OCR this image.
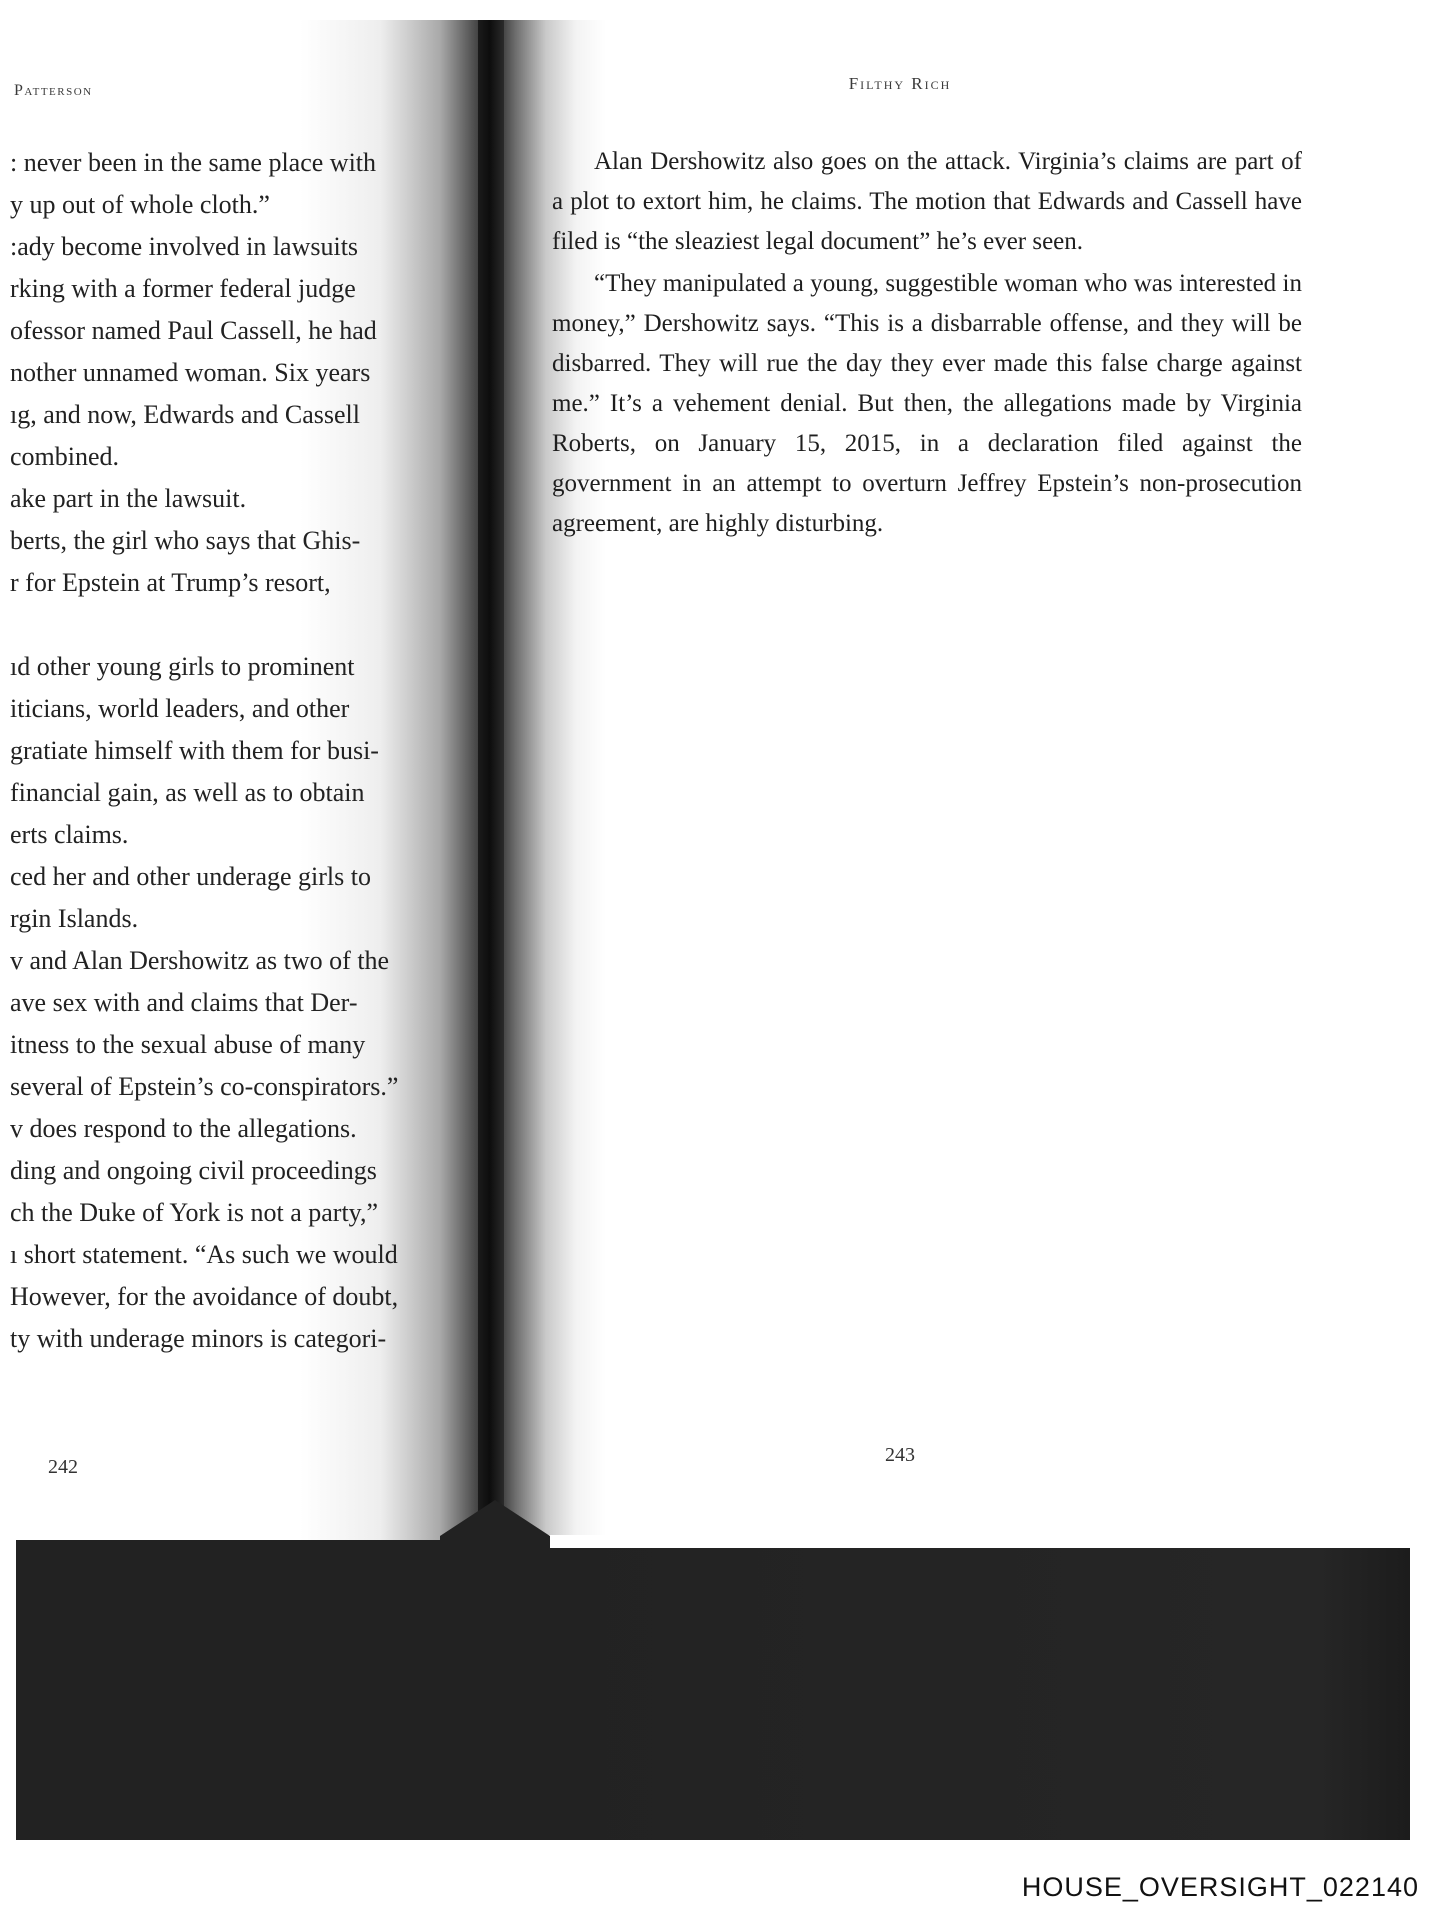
Patterson
: never been in the same place with
y up out of whole cloth.”
:ady become involved in lawsuits
rking with a former federal judge
ofessor named Paul Cassell, he had
nother unnamed woman. Six years
ıg, and now, Edwards and Cassell
combined.
ake part in the lawsuit.
berts, the girl who says that Ghis-
r for Epstein at Trump’s resort,
ıd other young girls to prominent
iticians, world leaders, and other
gratiate himself with them for busi-
financial gain, as well as to obtain
erts claims.
ced her and other underage girls to
rgin Islands.
v and Alan Dershowitz as two of the
ave sex with and claims that Der-
itness to the sexual abuse of many
several of Epstein’s co-conspirators.”
v does respond to the allegations.
ding and ongoing civil proceedings
ch the Duke of York is not a party,”
ı short statement. “As such we would
However, for the avoidance of doubt,
ty with underage minors is categori-
242
Filthy Rich

Alan Dershowitz also goes on the attack. Virginia’s claims are part of a plot to extort him, he claims. The motion that Edwards and Cassell have filed is “the sleaziest legal document” he’s ever seen.

“They manipulated a young, suggestible woman who was interested in money,” Dershowitz says. “This is a disbarrable offense, and they will be disbarred. They will rue the day they ever made this false charge against me.” It’s a vehement denial. But then, the allegations made by Virginia Roberts, on January 15, 2015, in a declaration filed against the government in an attempt to overturn Jeffrey Epstein’s non-prosecution agreement, are highly disturbing.

243
HOUSE_OVERSIGHT_022140
